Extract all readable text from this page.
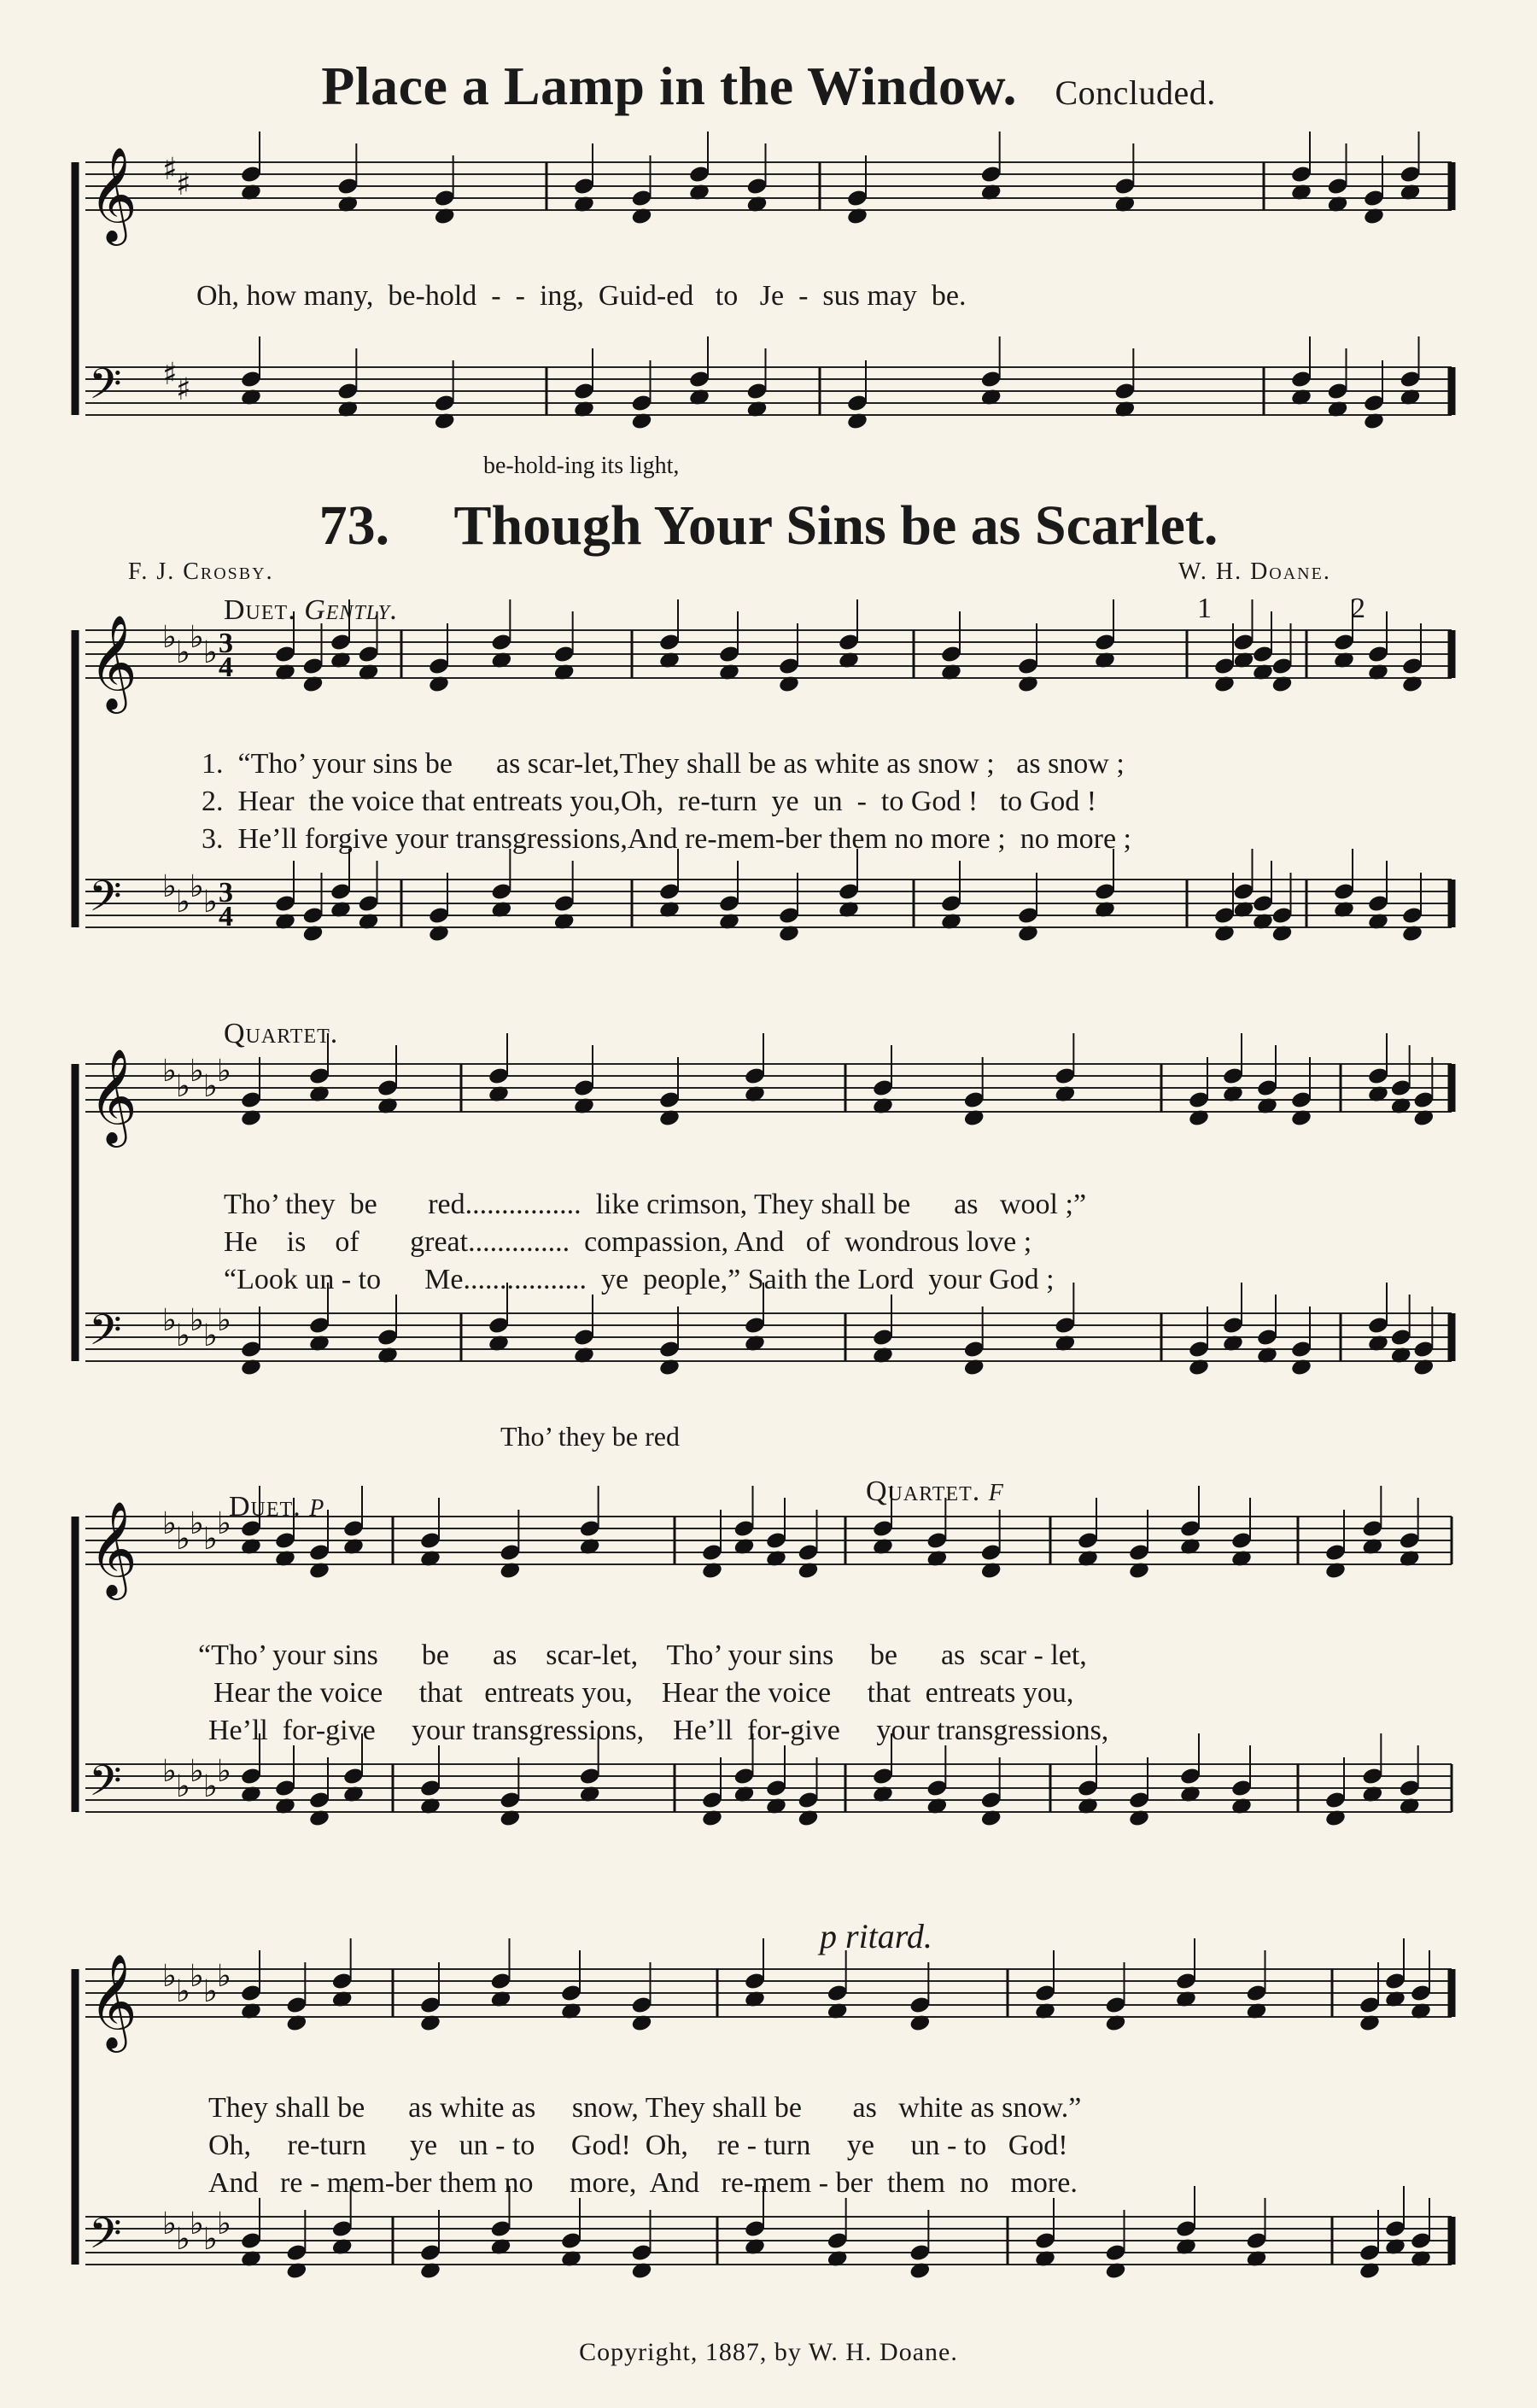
Place a Lamp in the Window. Concluded.
73. Though Your Sins be as Scarlet.
F. J. Crosby.	W. H. Doane.
Duet. Gently.	1	2
Quartet.
Duet. p	Quartet. f
p ritard.
Oh, how many,  be-hold  -  -  ing,  Guid-ed   to   Je  -  sus may  be.
be-hold-ing its light,
1.  “Tho’ your sins be      as scar-let,They shall be as white as snow ;   as snow ;
2.  Hear  the voice that entreats you,Oh,  re-turn  ye  un  -  to God !   to God !
3.  He’ll forgive your transgressions,And re-mem-ber them no more ;  no more ;
Tho’ they  be       red................  like crimson, They shall be      as   wool ;”
He    is    of       great..............  compassion, And   of  wondrous love ;
“Look un - to      Me.................  ye  people,” Saith the Lord  your God ;
Tho’ they be red
“Tho’ your sins      be      as    scar-let,    Tho’ your sins     be      as  scar - let,
Hear the voice     that   entreats you,    Hear the voice     that  entreats you,
He’ll  for-give     your transgressions,    He’ll  for-give     your transgressions,
They shall be      as white as     snow, They shall be       as   white as snow.”
Oh,     re-turn      ye   un - to     God!  Oh,    re - turn     ye     un - to   God!
And   re - mem-ber them no     more,  And   re-mem - ber  them  no   more.
Copyright, 1887, by W. H. Doane.
𝄞 ♯
♯
𝄢 ♯
♯
𝄞 ♭ ♭ ♭ ♭
𝄢 ♭ ♭ ♭ ♭
3
3
4
4
𝄞 ♭ ♭ ♭ ♭ ♭
𝄢 ♭ ♭ ♭ ♭ ♭
𝄞 ♭ ♭ ♭ ♭ ♭
𝄢 ♭ ♭ ♭ ♭ ♭
𝄞 ♭ ♭ ♭ ♭ ♭
𝄢 ♭ ♭ ♭ ♭ ♭
